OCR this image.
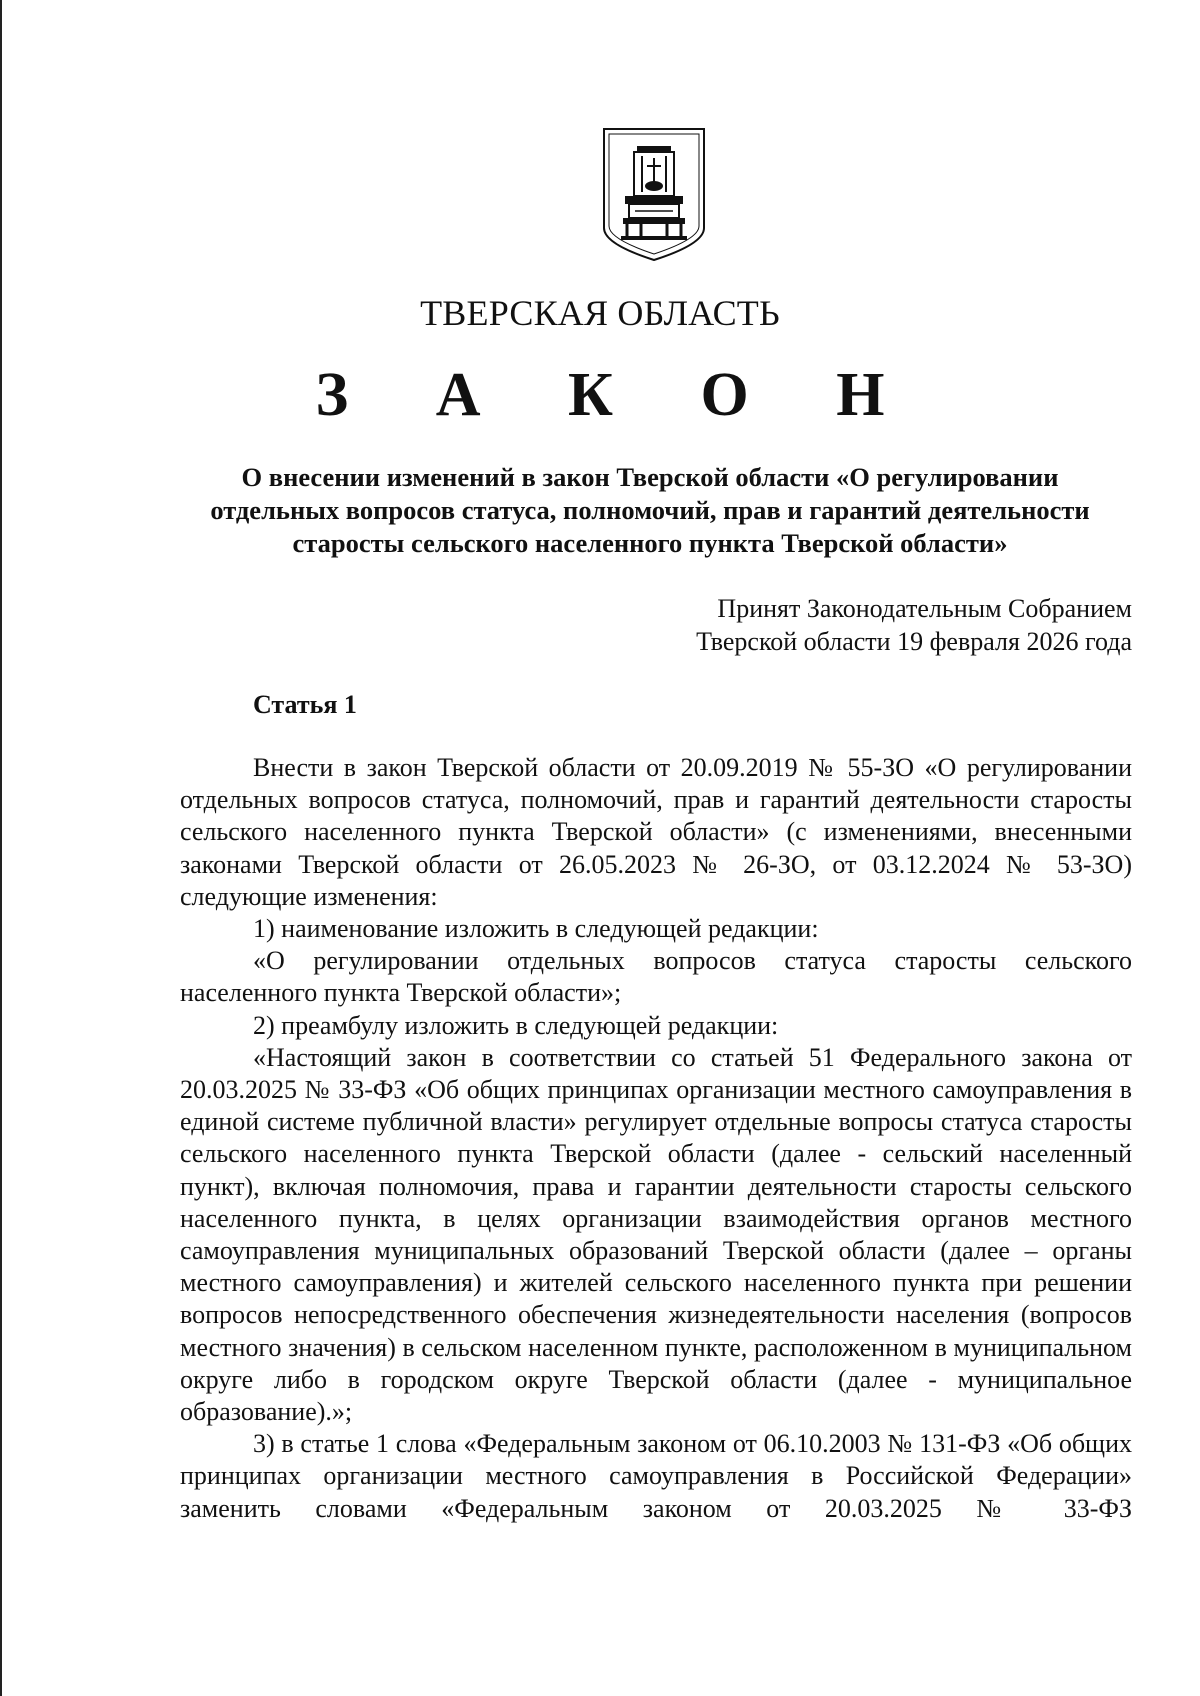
ТВЕРСКАЯ ОБЛАСТЬ
З А К О Н
О внесении изменений в закон Тверской области «О регулировании
отдельных вопросов статуса, полномочий, прав и гарантий деятельности
старосты сельского населенного пункта Тверской области»
Принят Законодательным Собранием
Тверской области 19 февраля 2026 года
Статья 1

Внести в закон Тверской области от 20.09.2019 № 55-ЗО «О регулировании отдельных вопросов статуса, полномочий, прав и гарантий деятельности старосты сельского населенного пункта Тверской области» (с изменениями, внесенными законами Тверской области от 26.05.2023 № 26-ЗО, от 03.12.2024 № 53-ЗО) следующие изменения:

1) наименование изложить в следующей редакции:

«О регулировании отдельных вопросов статуса старосты сельского населенного пункта Тверской области»;

2) преамбулу изложить в следующей редакции:

«Настоящий закон в соответствии со статьей 51 Федерального закона от 20.03.2025 № 33-ФЗ «Об общих принципах организации местного самоуправления в единой системе публичной власти» регулирует отдельные вопросы статуса старосты сельского населенного пункта Тверской области (далее - сельский населенный пункт), включая полномочия, права и гарантии деятельности старосты сельского населенного пункта, в целях организации взаимодействия органов местного самоуправления муниципальных образований Тверской области (далее – органы местного самоуправления) и жителей сельского населенного пункта при решении вопросов непосредственного обеспечения жизнедеятельности населения (вопросов местного значения) в сельском населенном пункте, расположенном в муниципальном округе либо в городском округе Тверской области (далее - муниципальное образование).»;

3) в статье 1 слова «Федеральным законом от 06.10.2003 № 131-ФЗ «Об общих принципах организации местного самоуправления в Российской Федерации» заменить словами «Федеральным законом от 20.03.2025 № 33-ФЗ
